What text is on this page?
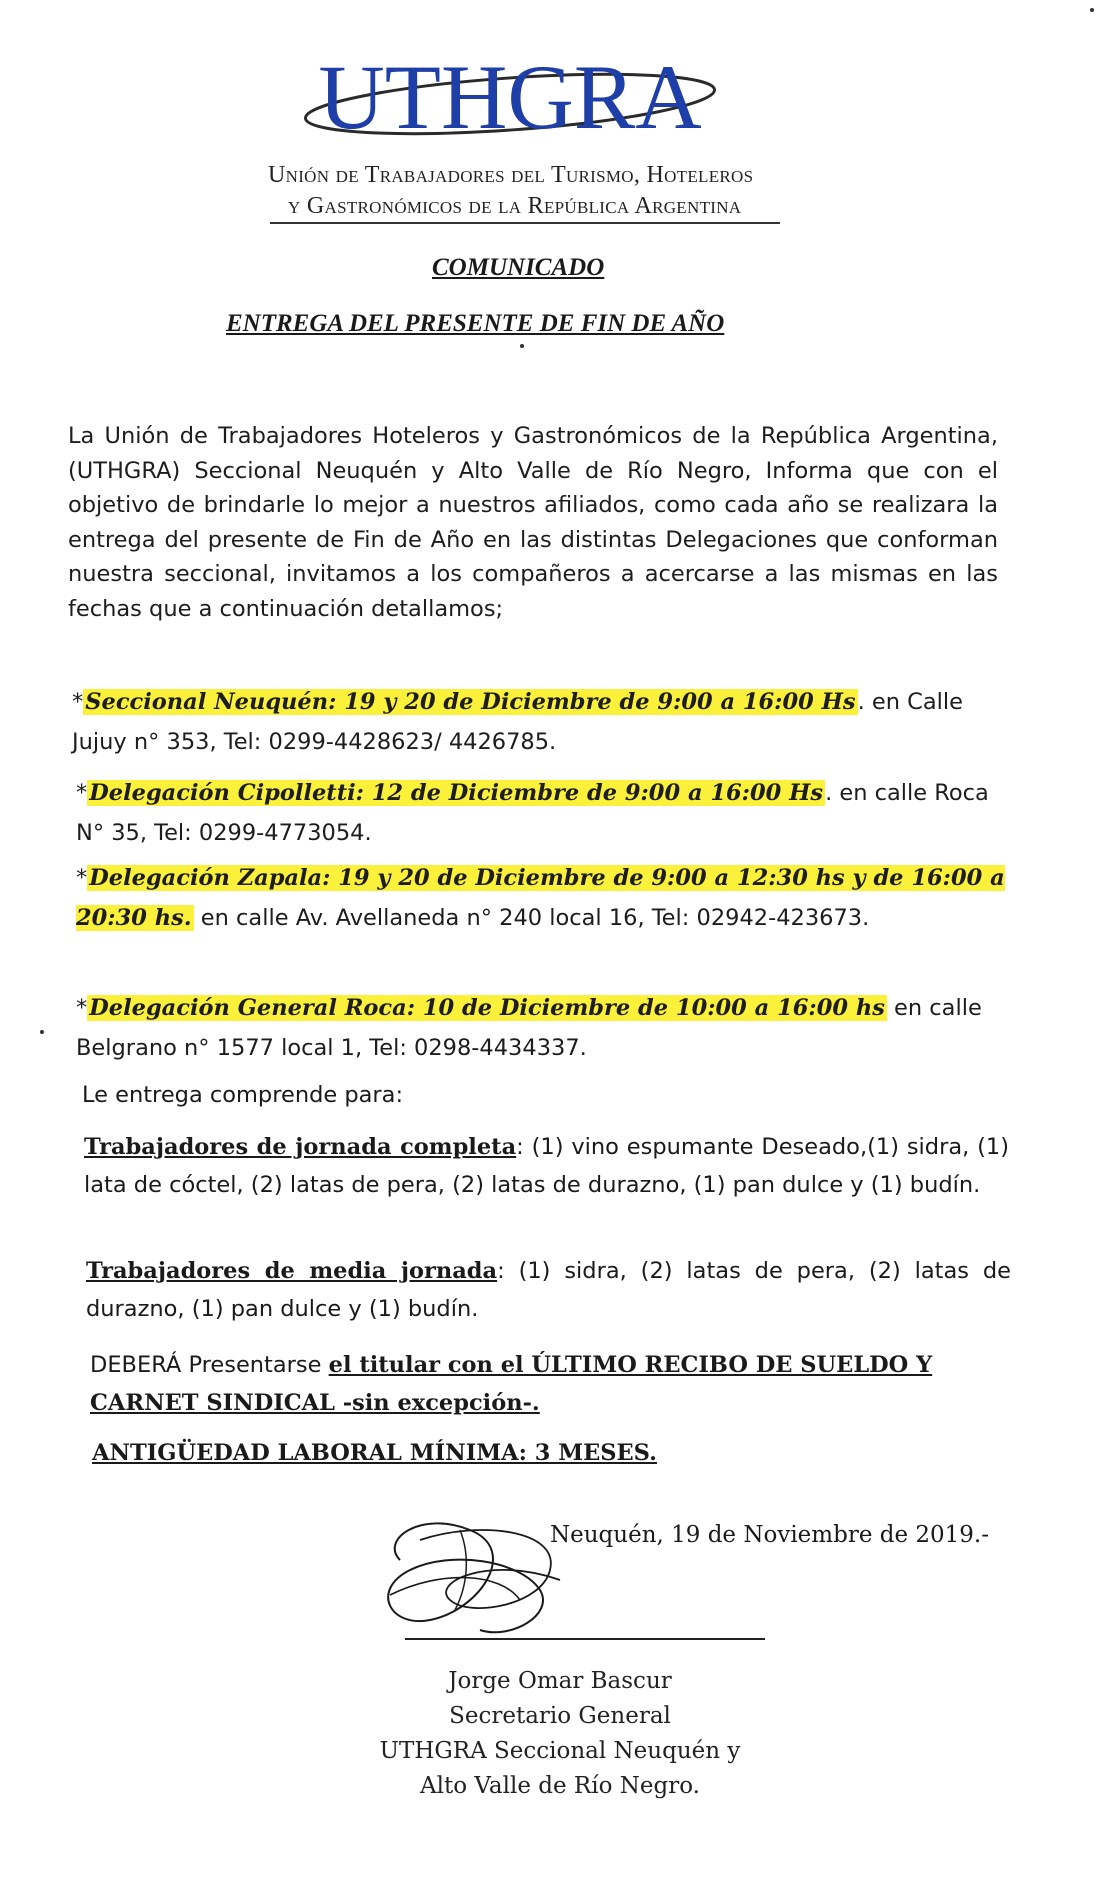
UTHGRA
Unión de Trabajadores del Turismo, Hoteleros
y Gastronómicos de la República Argentina
COMUNICADO
ENTREGA DEL PRESENTE DE FIN DE AÑO
La Unión de Trabajadores Hoteleros y Gastronómicos de la República Argentina, (UTHGRA) Seccional Neuquén y Alto Valle de Río Negro, Informa que con el objetivo de brindarle lo mejor a nuestros afiliados, como cada año se realizara la entrega del presente de Fin de Año en las distintas Delegaciones que conforman nuestra seccional, invitamos a los compañeros a acercarse a las mismas en las fechas que a continuación detallamos;
*Seccional Neuquén: 19 y 20 de Diciembre de 9:00 a 16:00 Hs. en Calle Jujuy n° 353, Tel: 0299-4428623/ 4426785.
*Delegación Cipolletti: 12 de Diciembre de 9:00 a 16:00 Hs. en calle Roca N° 35, Tel: 0299-4773054.
*Delegación Zapala: 19 y 20 de Diciembre de 9:00 a 12:30 hs y de 16:00 a 20:30 hs. en calle Av. Avellaneda n° 240 local 16, Tel: 02942-423673.
*Delegación General Roca: 10 de Diciembre de 10:00 a 16:00 hs en calle Belgrano n° 1577 local 1, Tel: 0298-4434337.
Le entrega comprende para:
Trabajadores de jornada completa: (1) vino espumante Deseado,(1) sidra, (1) lata de cóctel, (2) latas de pera, (2) latas de durazno, (1) pan dulce y (1) budín.
Trabajadores de media jornada: (1) sidra, (2) latas de pera, (2) latas de durazno, (1) pan dulce y (1) budín.
DEBERÁ Presentarse el titular con el ÚLTIMO RECIBO DE SUELDO Y CARNET SINDICAL -sin excepción-.
ANTIGÜEDAD LABORAL MÍNIMA: 3 MESES.
Neuquén, 19 de Noviembre de 2019.-
Jorge Omar Bascur
Secretario General
UTHGRA Seccional Neuquén y
Alto Valle de Río Negro.
